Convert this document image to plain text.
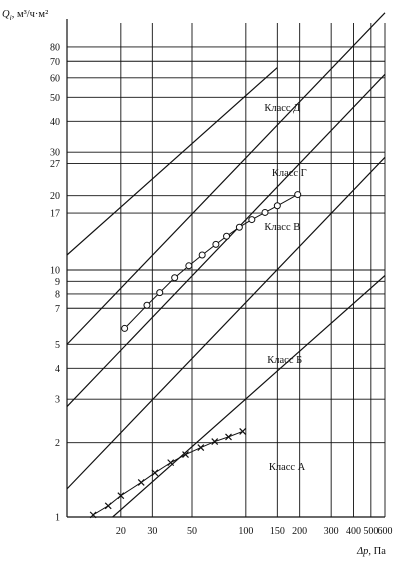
20 30	50	100 150 200 300 400 500 600
1
2
3
4
5
7
8
9
10
17
20
27
30
40
50
60
70
80
Класс Д
Класс Г
Класс В
Класс Б
Класс А
$Q_i$, м³/ч·м²
Δp, Па
